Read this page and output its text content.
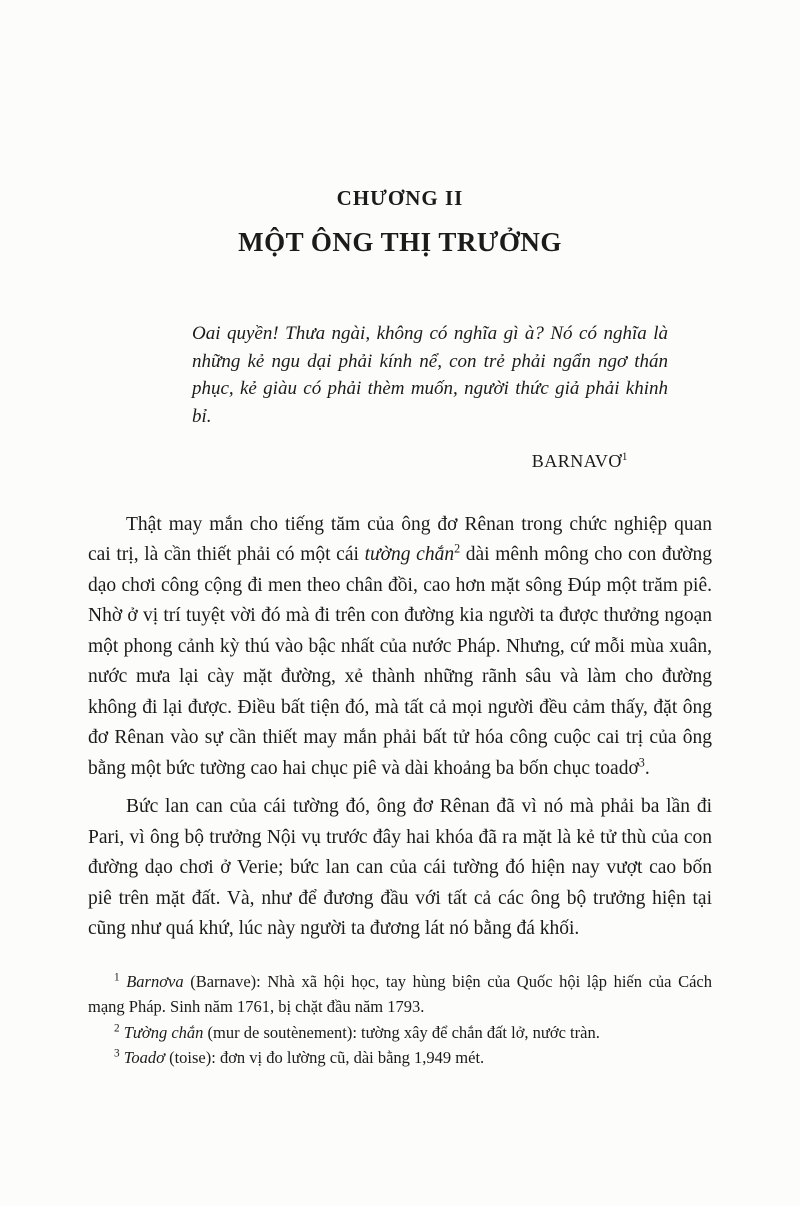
CHƯƠNG II
MỘT ÔNG THỊ TRƯỞNG

Oai quyền! Thưa ngài, không có nghĩa gì à? Nó có nghĩa là những kẻ ngu dại phải kính nể, con trẻ phải ngẩn ngơ thán phục, kẻ giàu có phải thèm muốn, người thức giả phải khinh bỉ.

BARNAVƠ$^1$

Thật may mắn cho tiếng tăm của ông đơ Rênan trong chức nghiệp quan cai trị, là cần thiết phải có một cái tường chắn$^2$ dài mênh mông cho con đường dạo chơi công cộng đi men theo chân đồi, cao hơn mặt sông Đúp một trăm piê. Nhờ ở vị trí tuyệt vời đó mà đi trên con đường kia người ta được thưởng ngoạn một phong cảnh kỳ thú vào bậc nhất của nước Pháp. Nhưng, cứ mỗi mùa xuân, nước mưa lại cày mặt đường, xẻ thành những rãnh sâu và làm cho đường không đi lại được. Điều bất tiện đó, mà tất cả mọi người đều cảm thấy, đặt ông đơ Rênan vào sự cần thiết may mắn phải bất tử hóa công cuộc cai trị của ông bằng một bức tường cao hai chục piê và dài khoảng ba bốn chục toadơ$^3$.

Bức lan can của cái tường đó, ông đơ Rênan đã vì nó mà phải ba lần đi Pari, vì ông bộ trưởng Nội vụ trước đây hai khóa đã ra mặt là kẻ tử thù của con đường dạo chơi ở Verie; bức lan can của cái tường đó hiện nay vượt cao bốn piê trên mặt đất. Và, như để đương đầu với tất cả các ông bộ trưởng hiện tại cũng như quá khứ, lúc này người ta đương lát nó bằng đá khối.

$^1$ Barnơva (Barnave): Nhà xã hội học, tay hùng biện của Quốc hội lập hiến của Cách mạng Pháp. Sinh năm 1761, bị chặt đầu năm 1793.

$^2$ Tường chắn (mur de soutènement): tường xây để chắn đất lở, nước tràn.

$^3$ Toadơ (toise): đơn vị đo lường cũ, dài bằng 1,949 mét.
